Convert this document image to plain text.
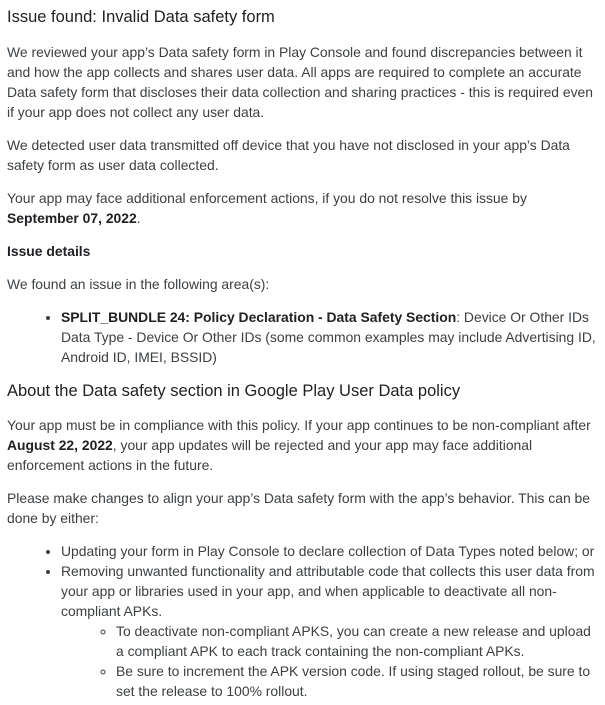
Issue found: Invalid Data safety form

We reviewed your app’s Data safety form in Play Console and found discrepancies between it and how the app collects and shares user data. All apps are required to complete an accurate Data safety form that discloses their data collection and sharing practices - this is required even if your app does not collect any user data.

We detected user data transmitted off device that you have not disclosed in your app’s Data safety form as user data collected.

Your app may face additional enforcement actions, if you do not resolve this issue by September 07, 2022.

Issue details

We found an issue in the following area(s):

• SPLIT_BUNDLE 24: Policy Declaration - Data Safety Section: Device Or Other IDs Data Type - Device Or Other IDs (some common examples may include Advertising ID, Android ID, IMEI, BSSID)
About the Data safety section in Google Play User Data policy

Your app must be in compliance with this policy. If your app continues to be non-compliant after August 22, 2022, your app updates will be rejected and your app may face additional enforcement actions in the future.

Please make changes to align your app’s Data safety form with the app’s behavior. This can be done by either:

• Updating your form in Play Console to declare collection of Data Types noted below; or
• Removing unwanted functionality and attributable code that collects this user data from your app or libraries used in your app, and when applicable to deactivate all non-compliant APKs.
◦ To deactivate non-compliant APKS, you can create a new release and upload a compliant APK to each track containing the non-compliant APKs.
◦ Be sure to increment the APK version code. If using staged rollout, be sure to set the release to 100% rollout.
